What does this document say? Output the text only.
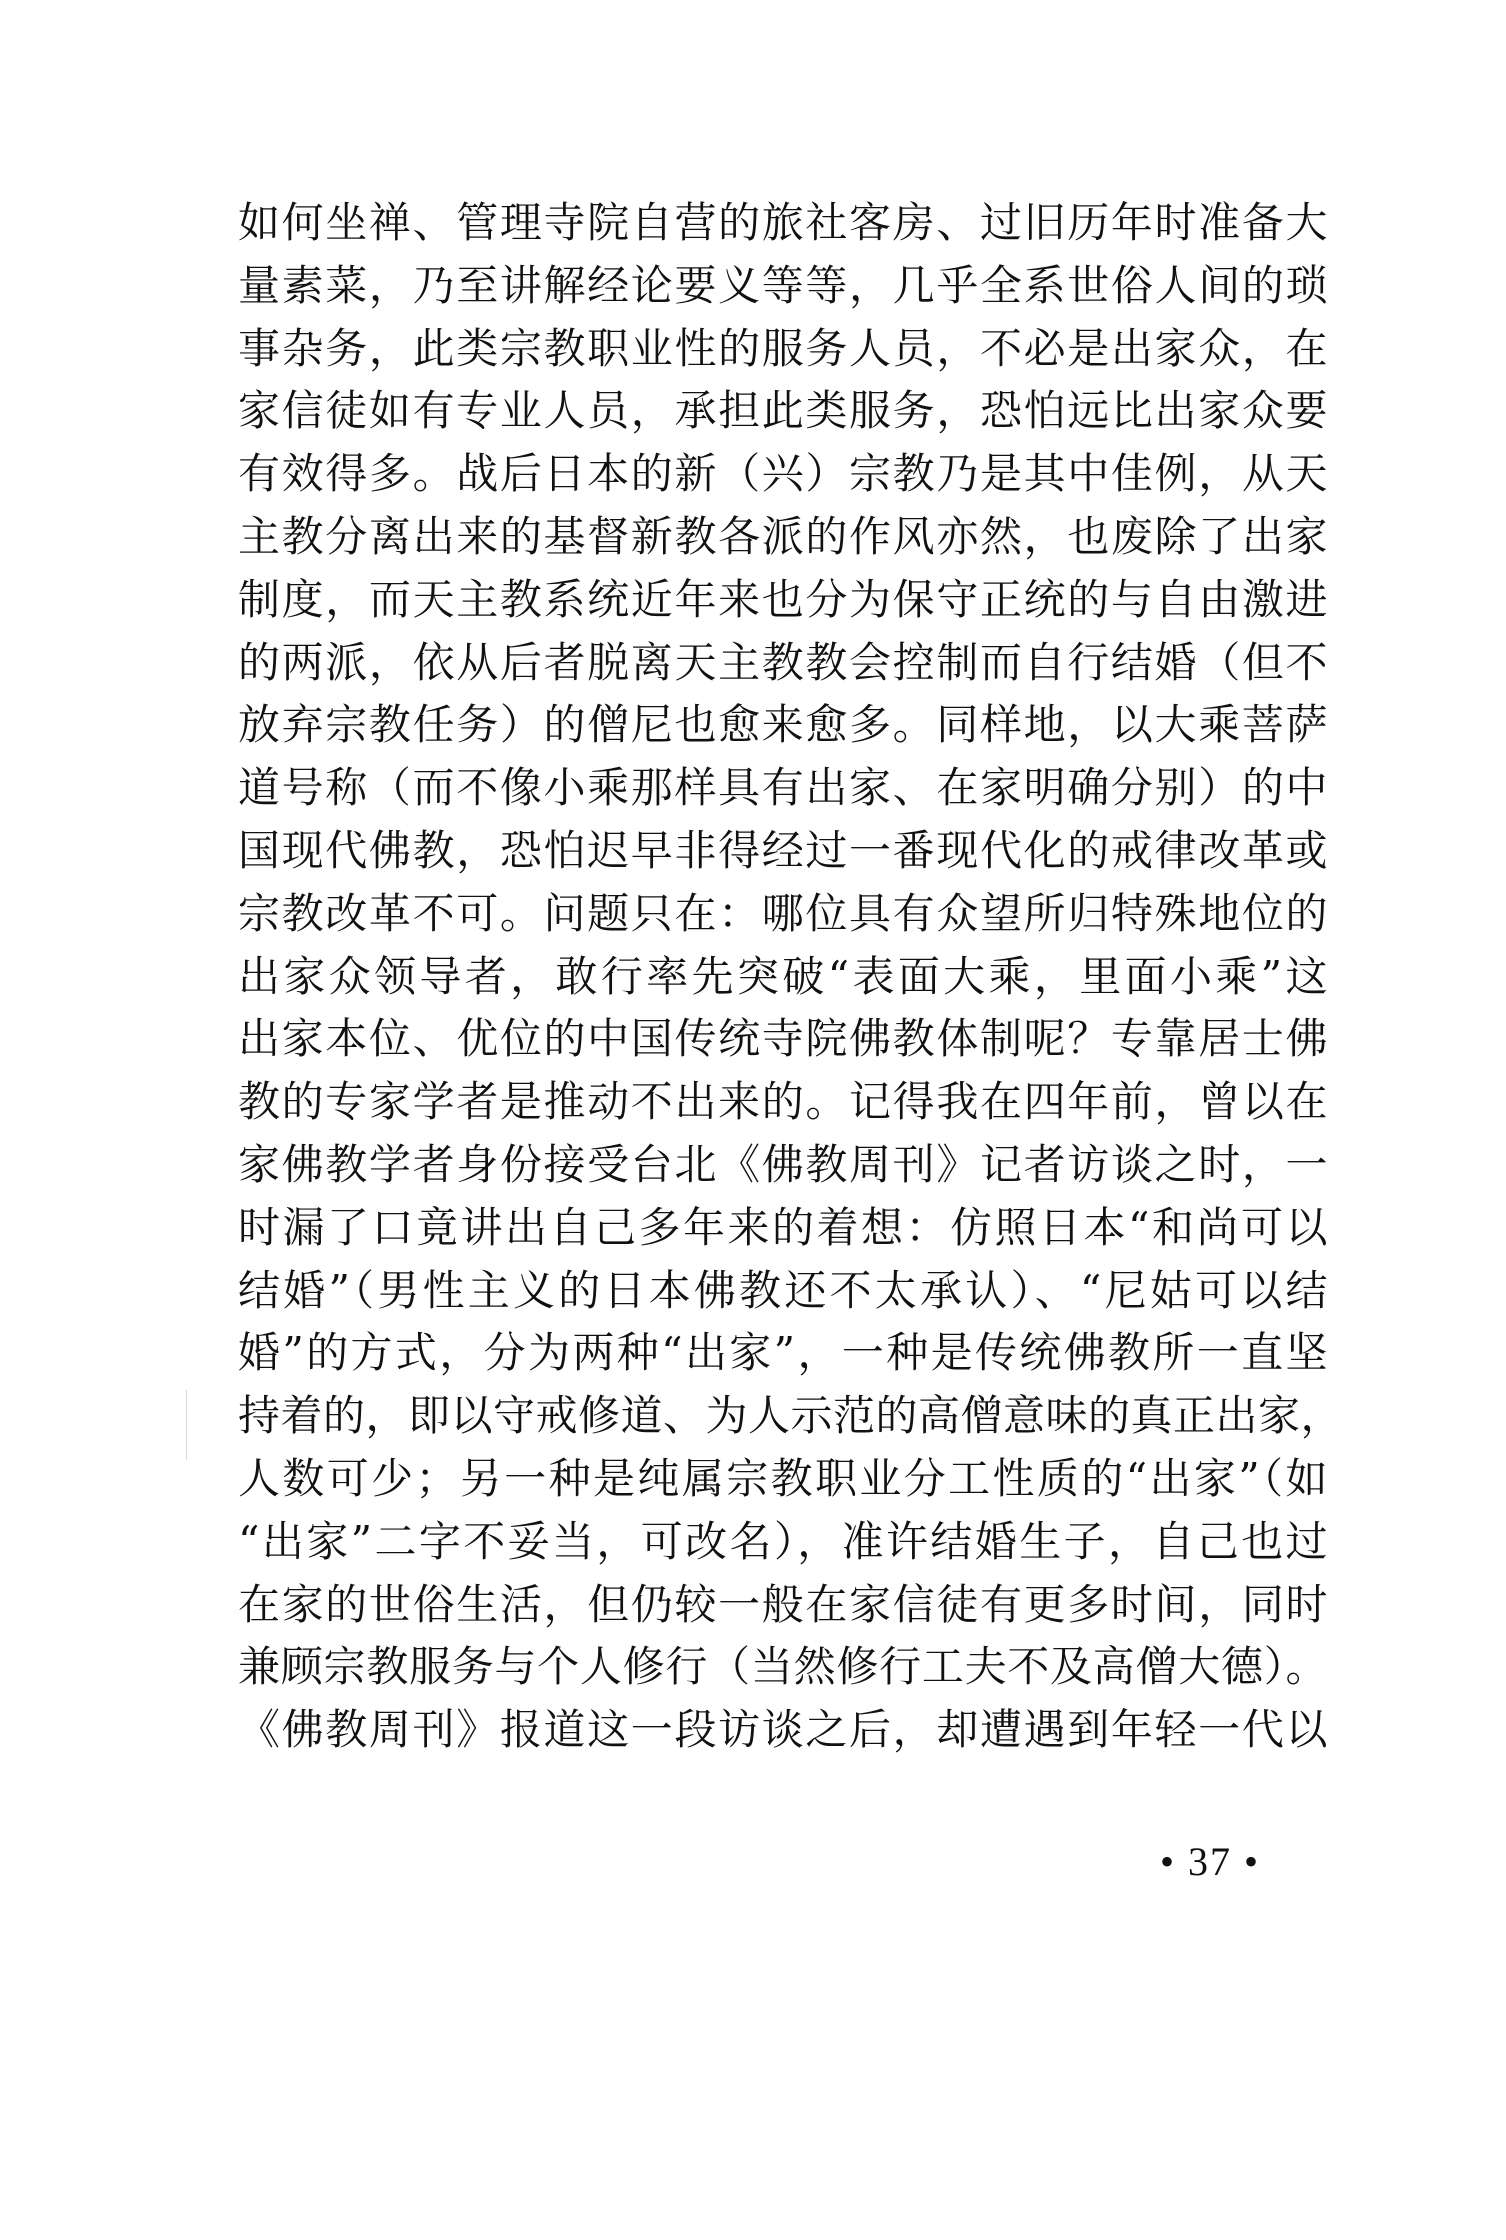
如何坐禅、管理寺院自营的旅社客房、过旧历年时准备大
量素菜，乃至讲解经论要义等等，几乎全系世俗人间的琐
事杂务，此类宗教职业性的服务人员，不必是出家众，在
家信徒如有专业人员，承担此类服务，恐怕远比出家众要
有效得多。战后日本的新（兴）宗教乃是其中佳例，从天
主教分离出来的基督新教各派的作风亦然，也废除了出家
制度，而天主教系统近年来也分为保守正统的与自由激进
的两派，依从后者脱离天主教教会控制而自行结婚（但不
放弃宗教任务）的僧尼也愈来愈多。同样地，以大乘菩萨
道号称（而不像小乘那样具有出家、在家明确分别）的中
国现代佛教，恐怕迟早非得经过一番现代化的戒律改革或
宗教改革不可。问题只在：哪位具有众望所归特殊地位的
出家众领导者，敢行率先突破“表面大乘，里面小乘”这
出家本位、优位的中国传统寺院佛教体制呢？专靠居士佛
教的专家学者是推动不出来的。记得我在四年前，曾以在
家佛教学者身份接受台北《佛教周刊》记者访谈之时，一
时漏了口竟讲出自己多年来的着想：仿照日本“和尚可以
结婚”（男性主义的日本佛教还不太承认）、“尼姑可以结
婚”的方式，分为两种“出家”，一种是传统佛教所一直坚
持着的，即以守戒修道、为人示范的高僧意味的真正出家，
人数可少；另一种是纯属宗教职业分工性质的“出家”（如
“出家”二字不妥当，可改名），准许结婚生子，自己也过
在家的世俗生活，但仍较一般在家信徒有更多时间，同时
兼顾宗教服务与个人修行（当然修行工夫不及高僧大德）。
《佛教周刊》报道这一段访谈之后，却遭遇到年轻一代以
• 37 •
